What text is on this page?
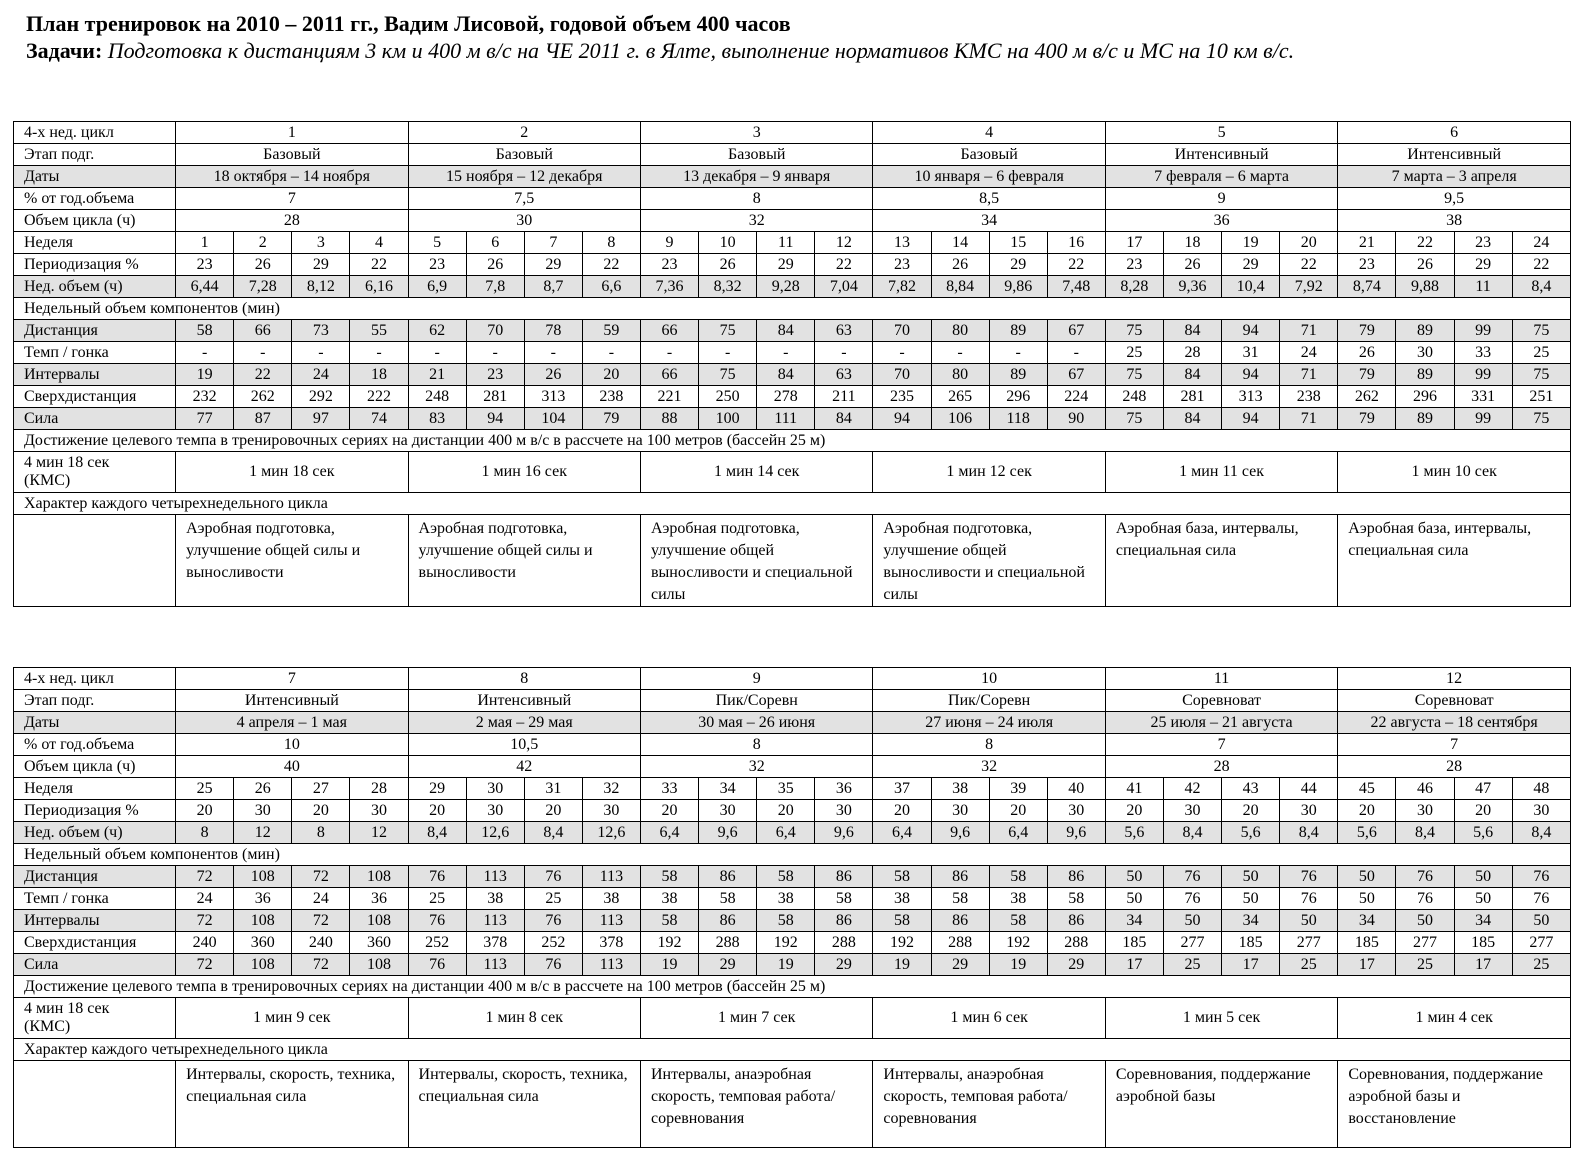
План тренировок на 2010 – 2011 гг., Вадим Лисовой, годовой объем 400 часов
Задачи: Подготовка к дистанциям 3 км и 400 м в/с на ЧЕ 2011 г. в Ялте, выполнение нормативов КМС на 400 м в/с и МС на 10 км в/с.
4-х нед. цикл	1				2				3				4				5				6			
Этап подг.	Базовый				Базовый				Базовый				Базовый				Интенсивный				Интенсивный			
Даты	18 октября – 14 ноября				15 ноября – 12 декабря				13 декабря – 9 января				10 января – 6 февраля				7 февраля – 6 марта				7 марта – 3 апреля			
% от год.объема	7				7,5				8				8,5				9				9,5			
Объем цикла (ч)	28				30				32				34				36				38			
Неделя	1	2	3	4	5	6	7	8	9	10	11	12	13	14	15	16	17	18	19	20	21	22	23	24
Периодизация %	23	26	29	22	23	26	29	22	23	26	29	22	23	26	29	22	23	26	29	22	23	26	29	22
Нед. объем (ч)	6,44	7,28	8,12	6,16	6,9	7,8	8,7	6,6	7,36	8,32	9,28	7,04	7,82	8,84	9,86	7,48	8,28	9,36	10,4	7,92	8,74	9,88	11	8,4
Недельный объем компонентов (мин)																								
Дистанция	58	66	73	55	62	70	78	59	66	75	84	63	70	80	89	67	75	84	94	71	79	89	99	75
Темп / гонка	-	-	-	-	-	-	-	-	-	-	-	-	-	-	-	-	25	28	31	24	26	30	33	25
Интервалы	19	22	24	18	21	23	26	20	66	75	84	63	70	80	89	67	75	84	94	71	79	89	99	75
Сверхдистанция	232	262	292	222	248	281	313	238	221	250	278	211	235	265	296	224	248	281	313	238	262	296	331	251
Сила	77	87	97	74	83	94	104	79	88	100	111	84	94	106	118	90	75	84	94	71	79	89	99	75
Достижение целевого темпа в тренировочных сериях на дистанции 400 м в/с в рассчете на 100 метров (бассейн 25 м)																								
4 мин 18 сек
(КМС)	1 мин 18 сек				1 мин 16 сек				1 мин 14 сек				1 мин 12 сек				1 мин 11 сек				1 мин 10 сек			
Характер каждого четырехнедельного цикла																								
	Аэробная подготовка, улучшение общей силы и выносливости				Аэробная подготовка, улучшение общей силы и выносливости				Аэробная подготовка, улучшение общей выносливости и специальной силы				Аэробная подготовка, улучшение общей выносливости и специальной силы				Аэробная база, интервалы, специальная сила				Аэробная база, интервалы, специальная сила			
4-х нед. цикл	7				8				9				10				11				12			
Этап подг.	Интенсивный				Интенсивный				Пик/Соревн				Пик/Соревн				Соревноват				Соревноват			
Даты	4 апреля – 1 мая				2 мая – 29 мая				30 мая – 26 июня				27 июня – 24 июля				25 июля – 21 августа				22 августа – 18 сентября			
% от год.объема	10				10,5				8				8				7				7			
Объем цикла (ч)	40				42				32				32				28				28			
Неделя	25	26	27	28	29	30	31	32	33	34	35	36	37	38	39	40	41	42	43	44	45	46	47	48
Периодизация %	20	30	20	30	20	30	20	30	20	30	20	30	20	30	20	30	20	30	20	30	20	30	20	30
Нед. объем (ч)	8	12	8	12	8,4	12,6	8,4	12,6	6,4	9,6	6,4	9,6	6,4	9,6	6,4	9,6	5,6	8,4	5,6	8,4	5,6	8,4	5,6	8,4
Недельный объем компонентов (мин)																								
Дистанция	72	108	72	108	76	113	76	113	58	86	58	86	58	86	58	86	50	76	50	76	50	76	50	76
Темп / гонка	24	36	24	36	25	38	25	38	38	58	38	58	38	58	38	58	50	76	50	76	50	76	50	76
Интервалы	72	108	72	108	76	113	76	113	58	86	58	86	58	86	58	86	34	50	34	50	34	50	34	50
Сверхдистанция	240	360	240	360	252	378	252	378	192	288	192	288	192	288	192	288	185	277	185	277	185	277	185	277
Сила	72	108	72	108	76	113	76	113	19	29	19	29	19	29	19	29	17	25	17	25	17	25	17	25
Достижение целевого темпа в тренировочных сериях на дистанции 400 м в/с в рассчете на 100 метров (бассейн 25 м)																								
4 мин 18 сек
(КМС)	1 мин 9 сек				1 мин 8 сек				1 мин 7 сек				1 мин 6 сек				1 мин 5 сек				1 мин 4 сек			
Характер каждого четырехнедельного цикла																								
	Интервалы, скорость, техника, специальная сила				Интервалы, скорость, техника, специальная сила				Интервалы, анаэробная скорость, темповая работа/соревнования				Интервалы, анаэробная скорость, темповая работа/соревнования				Соревнования, поддержание аэробной базы				Соревнования, поддержание аэробной базы и восстановление			
